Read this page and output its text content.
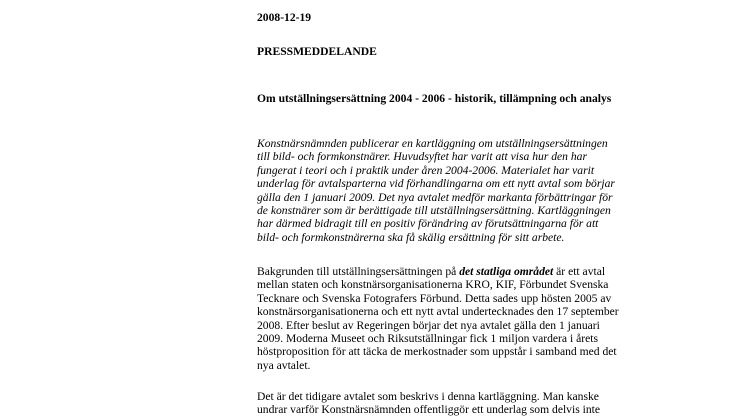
2008-12-19

PRESSMEDDELANDE

Om utställningsersättning 2004 - 2006 - historik, tillämpning och analys

Konstnärsnämnden publicerar en kartläggning om utställningsersättningen
till bild- och formkonstnärer. Huvudsyftet har varit att visa hur den har
fungerat i teori och i praktik under åren 2004-2006. Materialet har varit
underlag för avtalsparterna vid förhandlingarna om ett nytt avtal som börjar
gälla den 1 januari 2009. Det nya avtalet medför markanta förbättringar för
de konstnärer som är berättigade till utställningsersättning. Kartläggningen
har därmed bidragit till en positiv förändring av förutsättningarna för att
bild- och formkonstnärerna ska få skälig ersättning för sitt arbete.
Bakgrunden till utställningsersättningen på det statliga området är ett avtal
mellan staten och konstnärsorganisationerna KRO, KIF, Förbundet Svenska
Tecknare och Svenska Fotografers Förbund. Detta sades upp hösten 2005 av
konstnärsorganisationerna och ett nytt avtal undertecknades den 17 september
2008. Efter beslut av Regeringen börjar det nya avtalet gälla den 1 januari
2009. Moderna Museet och Riksutställningar fick 1 miljon vardera i årets
höstproposition för att täcka de merkostnader som uppstår i samband med det
nya avtalet.
Det är det tidigare avtalet som beskrivs i denna kartläggning. Man kanske
undrar varför Konstnärsnämnden offentliggör ett underlag som delvis inte
